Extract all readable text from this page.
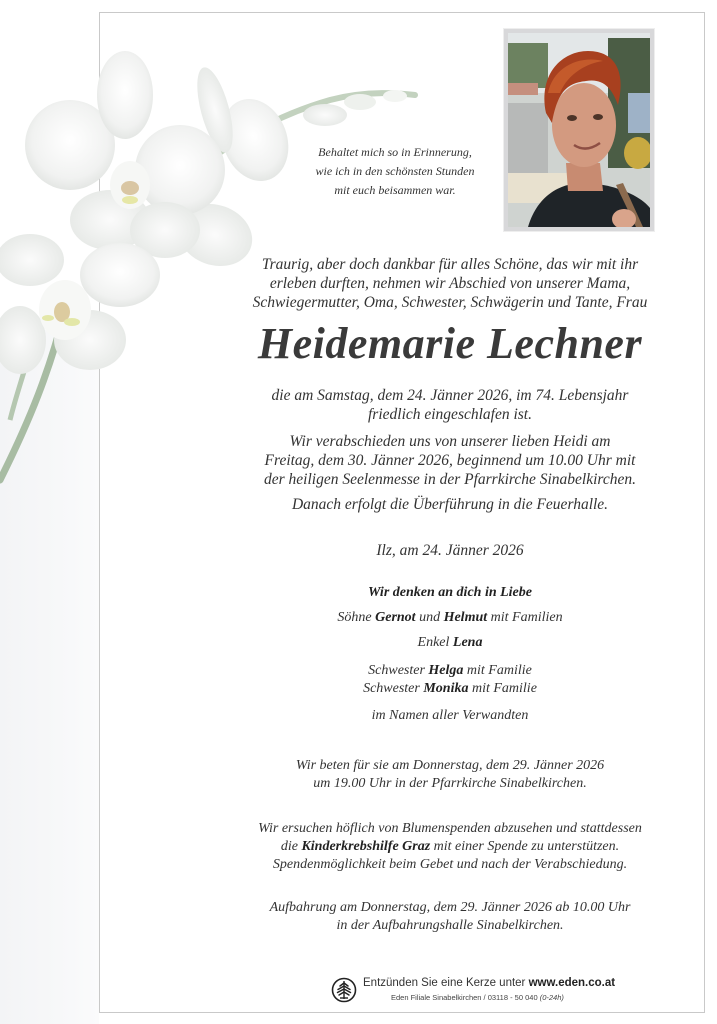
Behaltet mich so in Erinnerung,
wie ich in den schönsten Stunden
mit euch beisammen war.
Traurig, aber doch dankbar für alles Schöne, das wir mit ihr
erleben durften, nehmen wir Abschied von unserer Mama,
Schwiegermutter, Oma, Schwester, Schwägerin und Tante, Frau
Heidemarie Lechner
die am Samstag, dem 24. Jänner 2026, im 74. Lebensjahr
friedlich eingeschlafen ist.
Wir verabschieden uns von unserer lieben Heidi am
Freitag, dem 30. Jänner 2026, beginnend um 10.00 Uhr mit
der heiligen Seelenmesse in der Pfarrkirche Sinabelkirchen.
Danach erfolgt die Überführung in die Feuerhalle.
Ilz, am 24. Jänner 2026
Wir denken an dich in Liebe
Söhne Gernot und Helmut mit Familien
Enkel Lena
Schwester Helga mit Familie
Schwester Monika mit Familie
im Namen aller Verwandten
Wir beten für sie am Donnerstag, dem 29. Jänner 2026
um 19.00 Uhr in der Pfarrkirche Sinabelkirchen.
Wir ersuchen höflich von Blumenspenden abzusehen und stattdessen
die Kinderkrebshilfe Graz mit einer Spende zu unterstützen.
Spendenmöglichkeit beim Gebet und nach der Verabschiedung.
Aufbahrung am Donnerstag, dem 29. Jänner 2026 ab 10.00 Uhr
in der Aufbahrungshalle Sinabelkirchen.
Entzünden Sie eine Kerze unter www.eden.co.at
Eden Filiale Sinabelkirchen / 03118 - 50 040 (0-24h)
